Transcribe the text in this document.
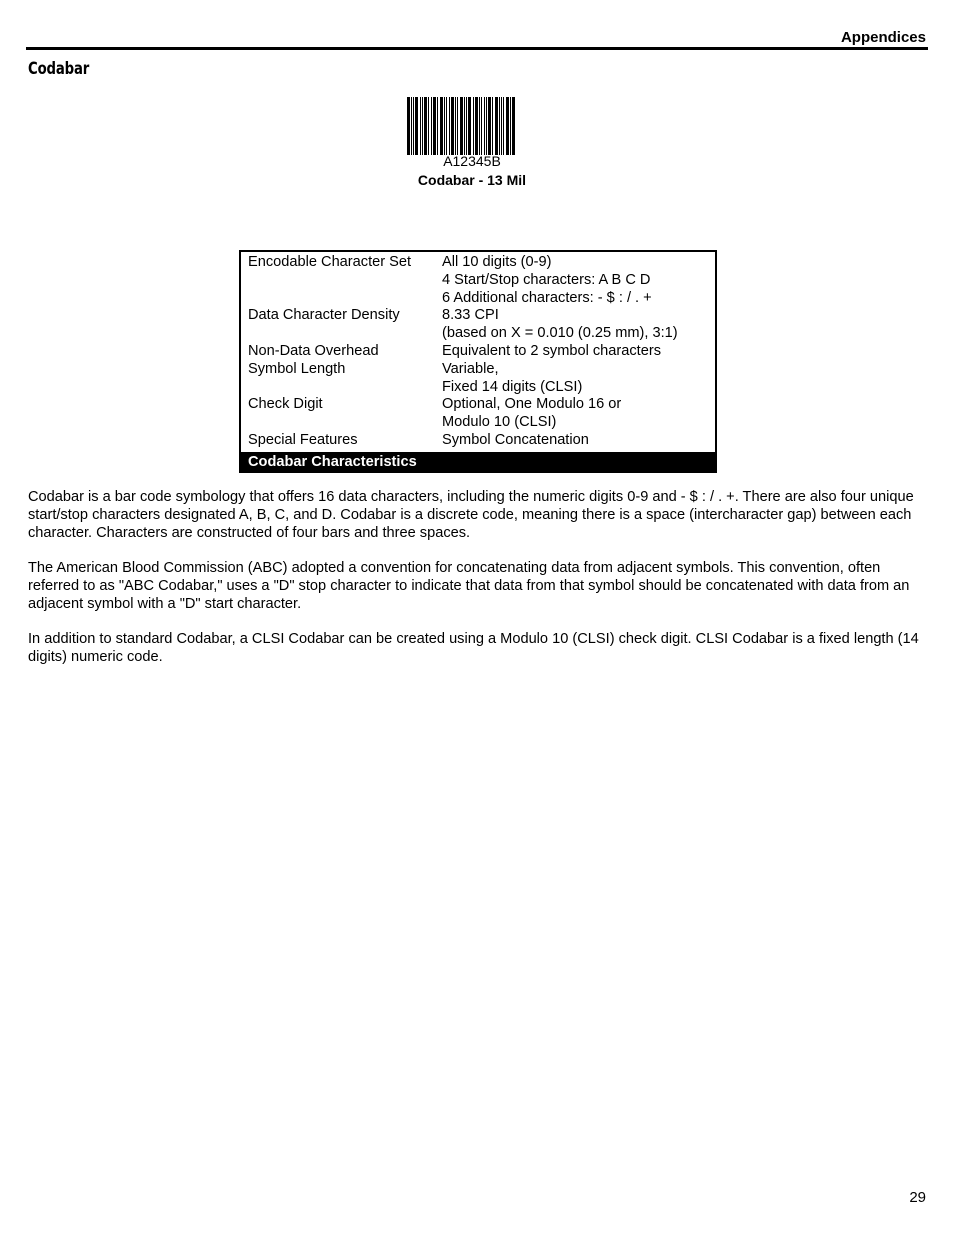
Appendices
Codabar
A12345B
Codabar - 13 Mil
Encodable Character Set	All 10 digits (0-9)
4 Start/Stop characters: A B C D
6 Additional characters: - $ : / . +
Data Character Density	8.33 CPI
(based on X = 0.010 (0.25 mm), 3:1)
Non-Data Overhead	Equivalent to 2 symbol characters
Symbol Length	Variable,
Fixed 14 digits (CLSI)
Check Digit	Optional, One Modulo 16 or
Modulo 10 (CLSI)
Special Features	Symbol Concatenation
Codabar Characteristics

Codabar is a bar code symbology that offers 16 data characters, including the numeric digits 0-9 and - $ : / . +. There are also four unique start/stop characters designated A, B, C, and D. Codabar is a discrete code, meaning there is a space (intercharacter gap) between each character. Characters are constructed of four bars and three spaces.

The American Blood Commission (ABC) adopted a convention for concatenating data from adjacent symbols. This convention, often referred to as "ABC Codabar," uses a "D" stop character to indicate that data from that symbol should be concatenated with data from an adjacent symbol with a "D" start character.

In addition to standard Codabar, a CLSI Codabar can be created using a Modulo 10 (CLSI) check digit. CLSI Codabar is a fixed length (14 digits) numeric code.

29
